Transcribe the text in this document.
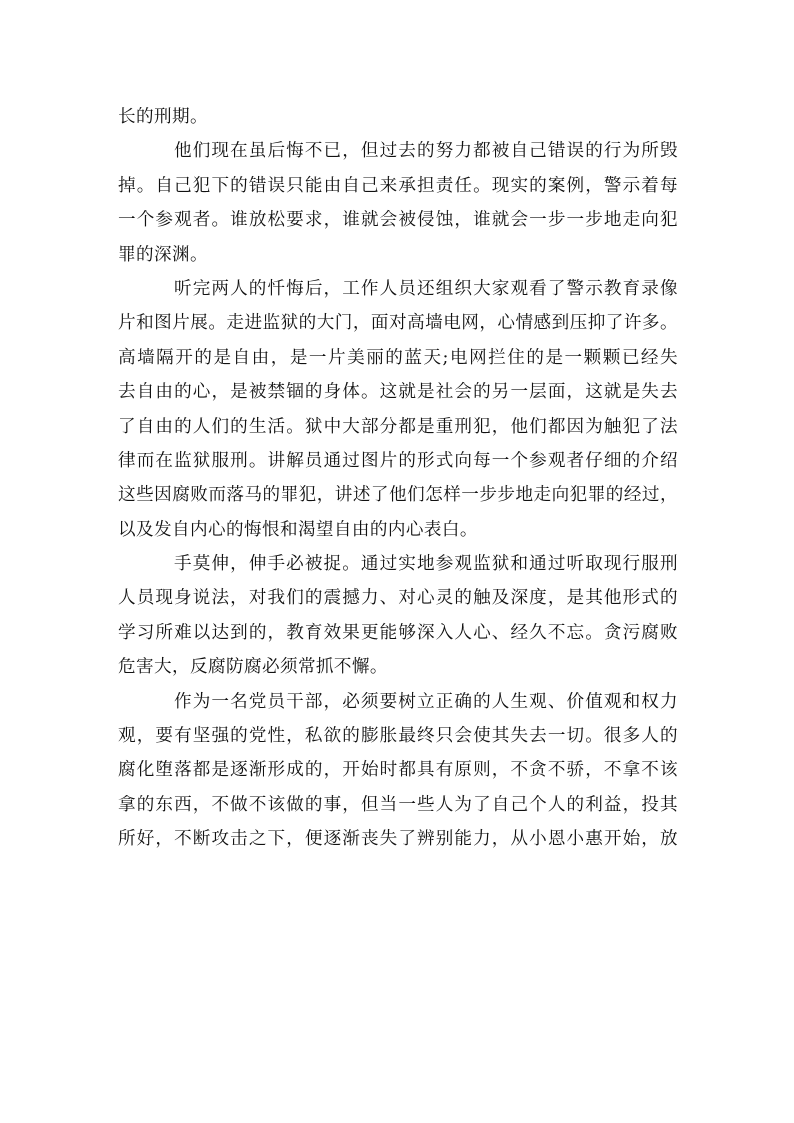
长的刑期。
他们现在虽后悔不已，但过去的努力都被自己错误的行为所毁
掉。自己犯下的错误只能由自己来承担责任。现实的案例，警示着每
一个参观者。谁放松要求，谁就会被侵蚀，谁就会一步一步地走向犯
罪的深渊。
听完两人的忏悔后，工作人员还组织大家观看了警示教育录像
片和图片展。走进监狱的大门，面对高墙电网，心情感到压抑了许多。
高墙隔开的是自由，是一片美丽的蓝天;电网拦住的是一颗颗已经失
去自由的心，是被禁锢的身体。这就是社会的另一层面，这就是失去
了自由的人们的生活。狱中大部分都是重刑犯，他们都因为触犯了法
律而在监狱服刑。讲解员通过图片的形式向每一个参观者仔细的介绍
这些因腐败而落马的罪犯，讲述了他们怎样一步步地走向犯罪的经过，
以及发自内心的悔恨和渴望自由的内心表白。
手莫伸，伸手必被捉。通过实地参观监狱和通过听取现行服刑
人员现身说法，对我们的震撼力、对心灵的触及深度，是其他形式的
学习所难以达到的，教育效果更能够深入人心、经久不忘。贪污腐败
危害大，反腐防腐必须常抓不懈。
作为一名党员干部，必须要树立正确的人生观、价值观和权力
观，要有坚强的党性，私欲的膨胀最终只会使其失去一切。很多人的
腐化堕落都是逐渐形成的，开始时都具有原则，不贪不骄，不拿不该
拿的东西，不做不该做的事，但当一些人为了自己个人的利益，投其
所好，不断攻击之下，便逐渐丧失了辨别能力，从小恩小惠开始，放
